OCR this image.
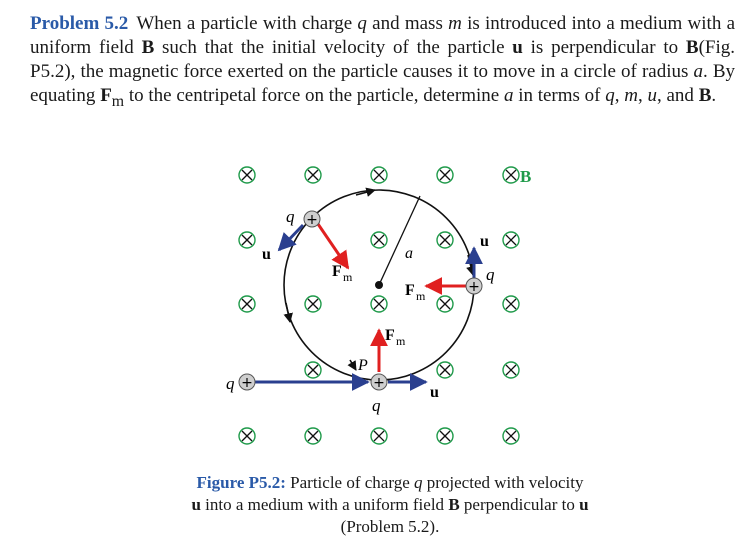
Problem 5.2 When a particle with charge q and mass m is introduced into a medium with a uniform field B such that the initial velocity of the particle u is perpendicular to B(Fig. P5.2), the magnetic force exerted on the particle causes it to move in a circle of radius a. By equating $F_m$ to the centripetal force on the particle, determine a in terms of q, m, u, and B.
a
+	+
+
+
q
q
q
q
u
u
u
F m
F m
F m
P
B
Figure P5.2: Particle of charge q projected with velocity u into a medium with a uniform field B perpendicular to u (Problem 5.2).
